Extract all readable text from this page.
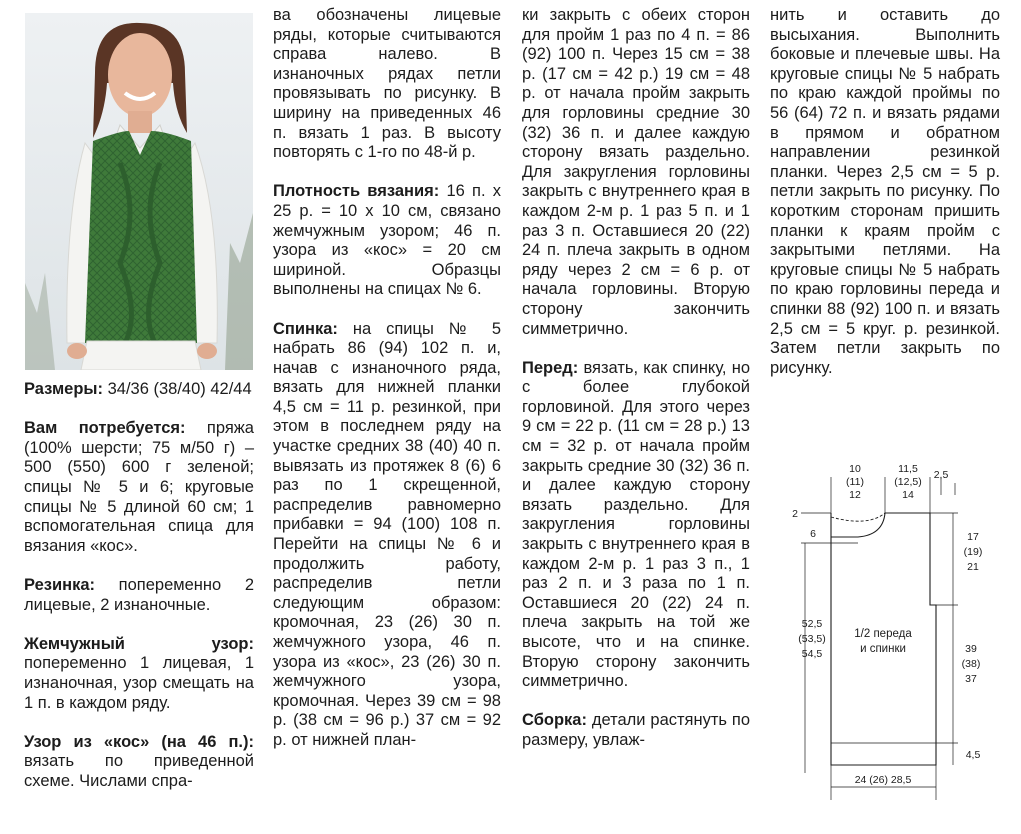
Размеры: 34/36 (38/40) 42/44

Вам потребуется: пряжа (100% шерсти; 75 м/50 г) – 500 (550) 600 г зеленой; спицы № 5 и 6; круговые спицы № 5 длиной 60 см; 1 вспомогательная спица для вязания «кос».

Резинка: попеременно 2 лицевые, 2 изнаночные.

Жемчужный узор: попеременно 1 лицевая, 1 изнаночная, узор смещать на 1 п. в каждом ряду.

Узор из «кос» (на 46 п.): вязать по приведенной схеме. Числами спра-

ва обозначены лицевые ряды, которые считываются справа налево. В изнаночных рядах петли провязывать по рисунку. В ширину на приведенных 46 п. вязать 1 раз. В высоту повторять с 1-го по 48-й р.

Плотность вязания: 16 п. х 25 р. = 10 х 10 см, связано жемчужным узором; 46 п. узора из «кос» = 20 см шириной. Образцы выполнены на спицах № 6.

Спинка: на спицы № 5 набрать 86 (94) 102 п. и, начав с изнаночного ряда, вязать для нижней планки 4,5 см = 11 р. резинкой, при этом в последнем ряду на участке средних 38 (40) 40 п. вывязать из протяжек 8 (6) 6 раз по 1 скрещенной, распределив равномерно прибавки = 94 (100) 108 п. Перейти на спицы № 6 и продолжить работу, распределив петли следующим образом: кромочная, 23 (26) 30 п. жемчужного узора, 46 п. узора из «кос», 23 (26) 30 п. жемчужного узора, кромочная. Через 39 см = 98 р. (38 см = 96 р.) 37 см = 92 р. от нижней план-

ки закрыть с обеих сторон для пройм 1 раз по 4 п. = 86 (92) 100 п. Через 15 см = 38 р. (17 см = 42 р.) 19 см = 48 р. от начала пройм закрыть для горловины средние 30 (32) 36 п. и далее каждую сторону вязать раздельно. Для закругления горловины закрыть с внутреннего края в каждом 2-м р. 1 раз 5 п. и 1 раз 3 п. Оставшиеся 20 (22) 24 п. плеча закрыть в одном ряду через 2 см = 6 р. от начала горловины. Вторую сторону закончить симметрично.

Перед: вязать, как спинку, но с более глубокой горловиной. Для этого через 9 см = 22 р. (11 см = 28 р.) 13 см = 32 р. от начала пройм закрыть средние 30 (32) 36 п. и далее каждую сторону вязать раздельно. Для закругления горловины закрыть с внутреннего края в каждом 2-м р. 1 раз 3 п., 1 раз 2 п. и 3 раза по 1 п. Оставшиеся 20 (22) 24 п. плеча закрыть на той же высоте, что и на спинке. Вторую сторону закончить симметрично.

Сборка: детали растянуть по размеру, увлаж-

нить и оставить до высыхания. Выполнить боковые и плечевые швы. На круговые спицы № 5 набрать по краю каждой проймы по 56 (64) 72 п. и вязать рядами в прямом и обратном направлении резинкой планки. Через 2,5 см = 5 р. петли закрыть по рисунку. По коротким сторонам пришить планки к краям пройм с закрытыми петлями. На круговые спицы № 5 набрать по краю горловины переда и спинки 88 (92) 100 п. и вязать 2,5 см = 5 круг. р. резинкой. Затем петли закрыть по рисунку.

10
(11)
12
11,5
(12,5)
14
2,5
2
6	17
(19)
21
39
(38)
37
4,5
52,5
(53,5)
54,5
1/2 переда
и спинки
24 (26) 28,5
